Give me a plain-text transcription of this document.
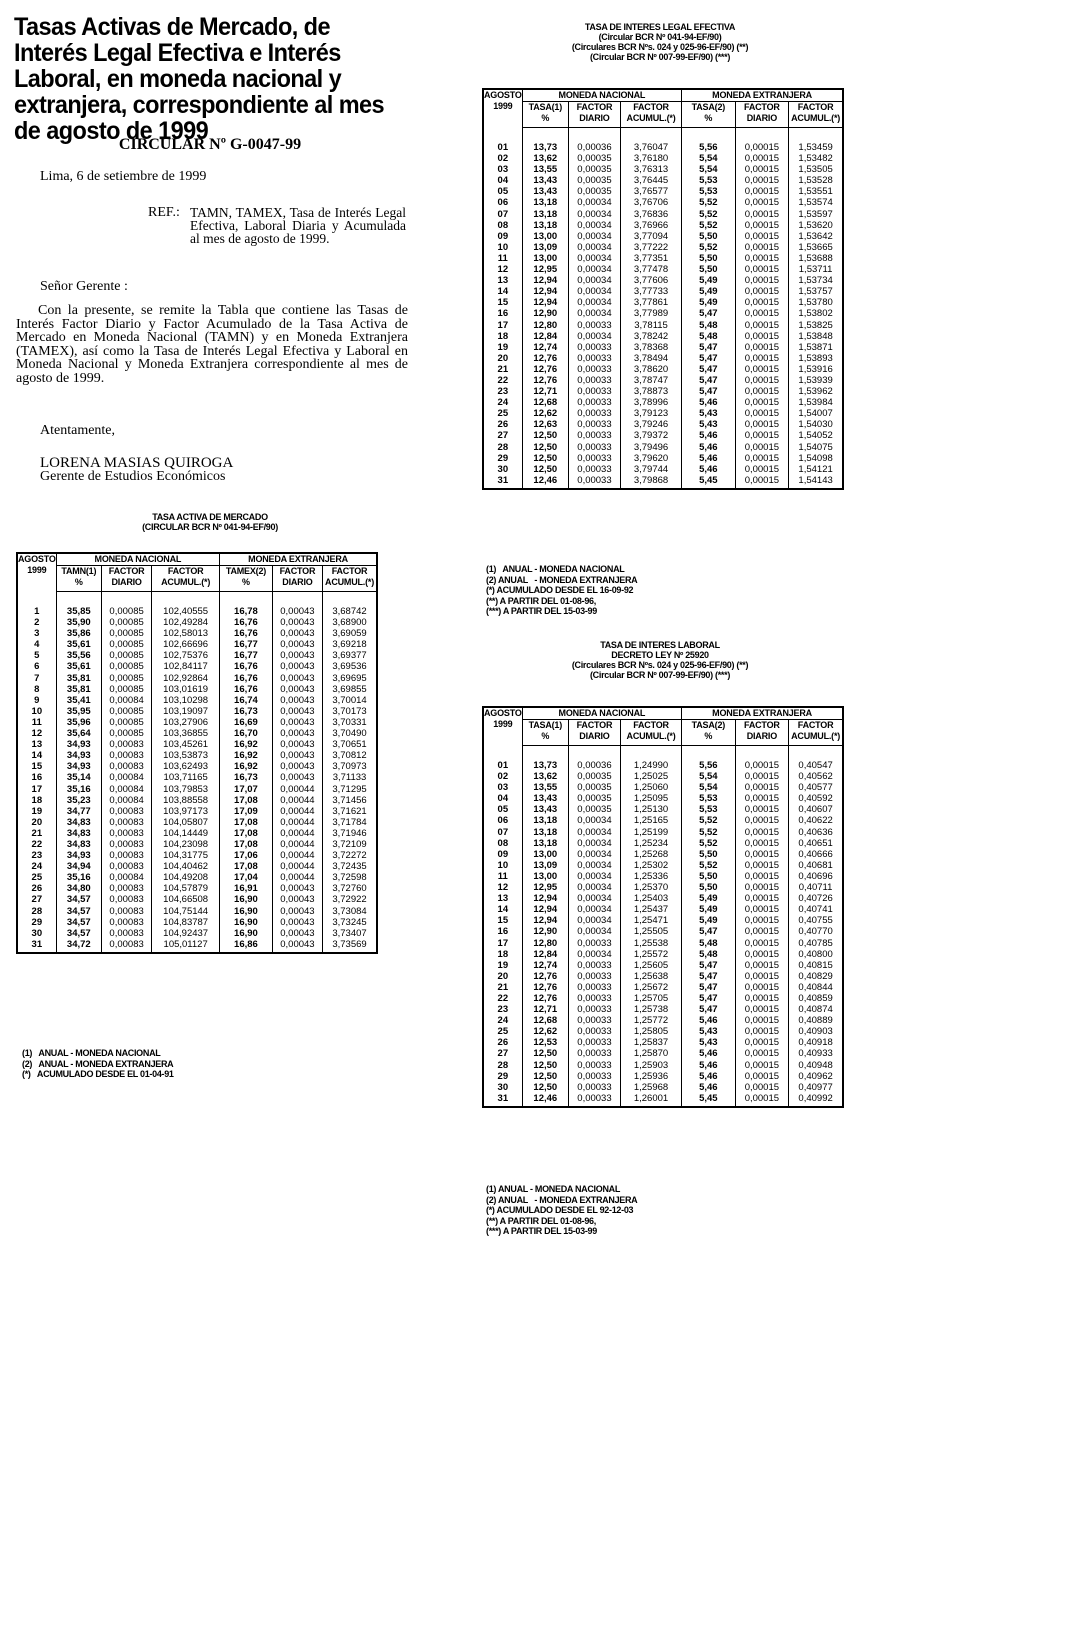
Tasas Activas de Mercado, de Interés Legal Efectiva e Interés Laboral, en moneda nacional y extranjera, correspondiente al mes de agosto de 1999
CIRCULAR Nº G-0047-99
Lima, 6 de setiembre de 1999
REF.: TAMN, TAMEX, Tasa de Interés Legal Efectiva, Laboral Diaria y Acumulada al mes de agosto de 1999.
Señor Gerente :
Con la presente, se remite la Tabla que contiene las Tasas de Interés Factor Diario y Factor Acumulado de la Tasa Activa de Mercado en Moneda Nacional (TAMN) y en Moneda Extranjera (TAMEX), así como la Tasa de Interés Legal Efectiva y Laboral en Moneda Nacional y Moneda Extranjera correspondiente al mes de agosto de 1999.
Atentamente,
LORENA MASIAS QUIROGA
Gerente de Estudios Económicos
TASA ACTIVA DE MERCADO
(CIRCULAR BCR Nº 041-94-EF/90)
AGOSTO
1999	MONEDA NACIONAL			MONEDA EXTRANJERA		

TAMN(1)
%

FACTOR
DIARIO

FACTOR
ACUMUL.(*)

TAMEX(2)
%

FACTOR
DIARIO

FACTOR
ACUMUL.(*)

1	35,85	0,00085	102,40555	16,78	0,00043	3,68742
2	35,90	0,00085	102,49284	16,76	0,00043	3,68900
3	35,86	0,00085	102,58013	16,76	0,00043	3,69059
4	35,61	0,00085	102,66696	16,77	0,00043	3,69218
5	35,56	0,00085	102,75376	16,77	0,00043	3,69377
6	35,61	0,00085	102,84117	16,76	0,00043	3,69536
7	35,81	0,00085	102,92864	16,76	0,00043	3,69695
8	35,81	0,00085	103,01619	16,76	0,00043	3,69855
9	35,41	0,00084	103,10298	16,74	0,00043	3,70014
10	35,95	0,00085	103,19097	16,73	0,00043	3,70173
11	35,96	0,00085	103,27906	16,69	0,00043	3,70331
12	35,64	0,00085	103,36855	16,70	0,00043	3,70490
13	34,93	0,00083	103,45261	16,92	0,00043	3,70651
14	34,93	0,00083	103,53873	16,92	0,00043	3,70812
15	34,93	0,00083	103,62493	16,92	0,00043	3,70973
16	35,14	0,00084	103,71165	16,73	0,00043	3,71133
17	35,16	0,00084	103,79853	17,07	0,00044	3,71295
18	35,23	0,00084	103,88558	17,08	0,00044	3,71456
19	34,77	0,00083	103,97173	17,09	0,00044	3,71621
20	34,83	0,00083	104,05807	17,08	0,00044	3,71784
21	34,83	0,00083	104,14449	17,08	0,00044	3,71946
22	34,83	0,00083	104,23098	17,08	0,00044	3,72109
23	34,93	0,00083	104,31775	17,06	0,00044	3,72272
24	34,94	0,00083	104,40462	17,08	0,00044	3,72435
25	35,16	0,00084	104,49208	17,04	0,00044	3,72598
26	34,80	0,00083	104,57879	16,91	0,00043	3,72760
27	34,57	0,00083	104,66508	16,90	0,00043	3,72922
28	34,57	0,00083	104,75144	16,90	0,00043	3,73084
29	34,57	0,00083	104,83787	16,90	0,00043	3,73245
30	34,57	0,00083	104,92437	16,90	0,00043	3,73407
31	34,72	0,00083	105,01127	16,86	0,00043	3,73569
(1)   ANUAL - MONEDA NACIONAL
(2)   ANUAL - MONEDA EXTRANJERA
(*)   ACUMULADO DESDE EL 01-04-91
TASA DE INTERES LEGAL EFECTIVA
(Circular BCR Nº 041-94-EF/90)
(Circulares BCR Nºs. 024 y 025-96-EF/90) (**)
(Circular BCR Nº 007-99-EF/90) (***)
AGOSTO
1999	MONEDA NACIONAL			MONEDA EXTRANJERA		

TASA(1)
%

FACTOR
DIARIO

FACTOR
ACUMUL.(*)

TASA(2)
%

FACTOR
DIARIO

FACTOR
ACUMUL.(*)

01	13,73	0,00036	3,76047	5,56	0,00015	1,53459
02	13,62	0,00035	3,76180	5,54	0,00015	1,53482
03	13,55	0,00035	3,76313	5,54	0,00015	1,53505
04	13,43	0,00035	3,76445	5,53	0,00015	1,53528
05	13,43	0,00035	3,76577	5,53	0,00015	1,53551
06	13,18	0,00034	3,76706	5,52	0,00015	1,53574
07	13,18	0,00034	3,76836	5,52	0,00015	1,53597
08	13,18	0,00034	3,76966	5,52	0,00015	1,53620
09	13,00	0,00034	3,77094	5,50	0,00015	1,53642
10	13,09	0,00034	3,77222	5,52	0,00015	1,53665
11	13,00	0,00034	3,77351	5,50	0,00015	1,53688
12	12,95	0,00034	3,77478	5,50	0,00015	1,53711
13	12,94	0,00034	3,77606	5,49	0,00015	1,53734
14	12,94	0,00034	3,77733	5,49	0,00015	1,53757
15	12,94	0,00034	3,77861	5,49	0,00015	1,53780
16	12,90	0,00034	3,77989	5,47	0,00015	1,53802
17	12,80	0,00033	3,78115	5,48	0,00015	1,53825
18	12,84	0,00034	3,78242	5,48	0,00015	1,53848
19	12,74	0,00033	3,78368	5,47	0,00015	1,53871
20	12,76	0,00033	3,78494	5,47	0,00015	1,53893
21	12,76	0,00033	3,78620	5,47	0,00015	1,53916
22	12,76	0,00033	3,78747	5,47	0,00015	1,53939
23	12,71	0,00033	3,78873	5,47	0,00015	1,53962
24	12,68	0,00033	3,78996	5,46	0,00015	1,53984
25	12,62	0,00033	3,79123	5,43	0,00015	1,54007
26	12,63	0,00033	3,79246	5,43	0,00015	1,54030
27	12,50	0,00033	3,79372	5,46	0,00015	1,54052
28	12,50	0,00033	3,79496	5,46	0,00015	1,54075
29	12,50	0,00033	3,79620	5,46	0,00015	1,54098
30	12,50	0,00033	3,79744	5,46	0,00015	1,54121
31	12,46	0,00033	3,79868	5,45	0,00015	1,54143
(1)   ANUAL - MONEDA NACIONAL
(2) ANUAL   - MONEDA EXTRANJERA
(*) ACUMULADO DESDE EL 16-09-92
(**) A PARTIR DEL 01-08-96,
(***) A PARTIR DEL 15-03-99
TASA DE INTERES LABORAL
DECRETO LEY Nº 25920
(Circulares BCR Nºs. 024 y 025-96-EF/90) (**)
(Circular BCR Nº 007-99-EF/90) (***)
AGOSTO
1999	MONEDA NACIONAL			MONEDA EXTRANJERA		

TASA(1)
%

FACTOR
DIARIO

FACTOR
ACUMUL.(*)

TASA(2)
%

FACTOR
DIARIO

FACTOR
ACUMUL.(*)

01	13,73	0,00036	1,24990	5,56	0,00015	0,40547
02	13,62	0,00035	1,25025	5,54	0,00015	0,40562
03	13,55	0,00035	1,25060	5,54	0,00015	0,40577
04	13,43	0,00035	1,25095	5,53	0,00015	0,40592
05	13,43	0,00035	1,25130	5,53	0,00015	0,40607
06	13,18	0,00034	1,25165	5,52	0,00015	0,40622
07	13,18	0,00034	1,25199	5,52	0,00015	0,40636
08	13,18	0,00034	1,25234	5,52	0,00015	0,40651
09	13,00	0,00034	1,25268	5,50	0,00015	0,40666
10	13,09	0,00034	1,25302	5,52	0,00015	0,40681
11	13,00	0,00034	1,25336	5,50	0,00015	0,40696
12	12,95	0,00034	1,25370	5,50	0,00015	0,40711
13	12,94	0,00034	1,25403	5,49	0,00015	0,40726
14	12,94	0,00034	1,25437	5,49	0,00015	0,40741
15	12,94	0,00034	1,25471	5,49	0,00015	0,40755
16	12,90	0,00034	1,25505	5,47	0,00015	0,40770
17	12,80	0,00033	1,25538	5,48	0,00015	0,40785
18	12,84	0,00034	1,25572	5,48	0,00015	0,40800
19	12,74	0,00033	1,25605	5,47	0,00015	0,40815
20	12,76	0,00033	1,25638	5,47	0,00015	0,40829
21	12,76	0,00033	1,25672	5,47	0,00015	0,40844
22	12,76	0,00033	1,25705	5,47	0,00015	0,40859
23	12,71	0,00033	1,25738	5,47	0,00015	0,40874
24	12,68	0,00033	1,25772	5,46	0,00015	0,40889
25	12,62	0,00033	1,25805	5,43	0,00015	0,40903
26	12,53	0,00033	1,25837	5,43	0,00015	0,40918
27	12,50	0,00033	1,25870	5,46	0,00015	0,40933
28	12,50	0,00033	1,25903	5,46	0,00015	0,40948
29	12,50	0,00033	1,25936	5,46	0,00015	0,40962
30	12,50	0,00033	1,25968	5,46	0,00015	0,40977
31	12,46	0,00033	1,26001	5,45	0,00015	0,40992
(1) ANUAL - MONEDA NACIONAL
(2) ANUAL   - MONEDA EXTRANJERA
(*) ACUMULADO DESDE EL 92-12-03
(**) A PARTIR DEL 01-08-96,
(***) A PARTIR DEL 15-03-99
